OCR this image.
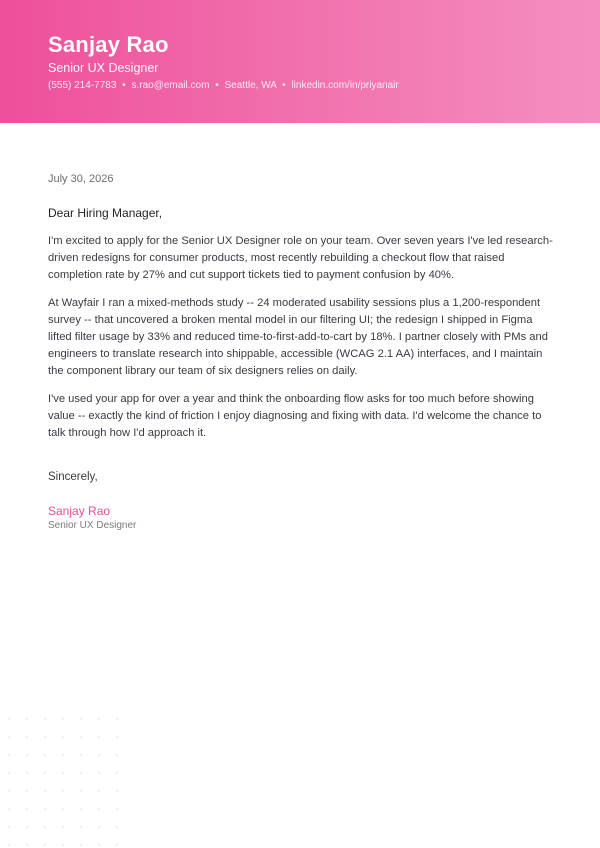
Sanjay Rao
Senior UX Designer
(555) 214-7783 • s.rao@email.com • Seattle, WA • linkedin.com/in/priyanair
July 30, 2026
Dear Hiring Manager,

I'm excited to apply for the Senior UX Designer role on your team. Over seven years I've led research-driven redesigns for consumer products, most recently rebuilding a checkout flow that raised completion rate by 27% and cut support tickets tied to payment confusion by 40%.

At Wayfair I ran a mixed-methods study -- 24 moderated usability sessions plus a 1,200-respondent survey -- that uncovered a broken mental model in our filtering UI; the redesign I shipped in Figma lifted filter usage by 33% and reduced time-to-first-add-to-cart by 18%. I partner closely with PMs and engineers to translate research into shippable, accessible (WCAG 2.1 AA) interfaces, and I maintain the component library our team of six designers relies on daily.

I've used your app for over a year and think the onboarding flow asks for too much before showing value -- exactly the kind of friction I enjoy diagnosing and fixing with data. I'd welcome the chance to talk through how I'd approach it.

Sincerely,
Sanjay Rao
Senior UX Designer
